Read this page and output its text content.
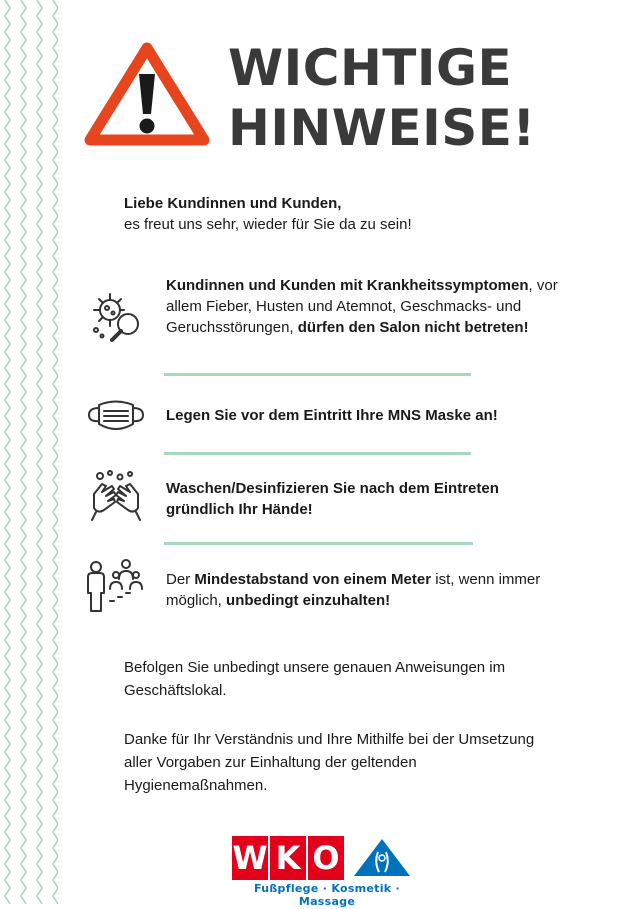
WICHTIGE
HINWEISE!
Liebe Kundinnen und Kunden,
es freut uns sehr, wieder für Sie da zu sein!
Kundinnen und Kunden mit Krankheitssymptomen, vor allem Fieber, Husten und Atemnot, Geschmacks- und Geruchsstörungen, dürfen den Salon nicht betreten!
Legen Sie vor dem Eintritt Ihre MNS Maske an!
Waschen/Desinfizieren Sie nach dem Eintreten gründlich Ihr Hände!
Der Mindestabstand von einem Meter ist, wenn immer möglich, unbedingt einzuhalten!
Befolgen Sie unbedingt unsere genauen Anweisungen im Geschäftslokal.
Danke für Ihr Verständnis und Ihre Mithilfe bei der Umsetzung aller Vorgaben zur Einhaltung der geltenden Hygienemaßnahmen.
W K O
Fußpflege · Kosmetik · Massage
